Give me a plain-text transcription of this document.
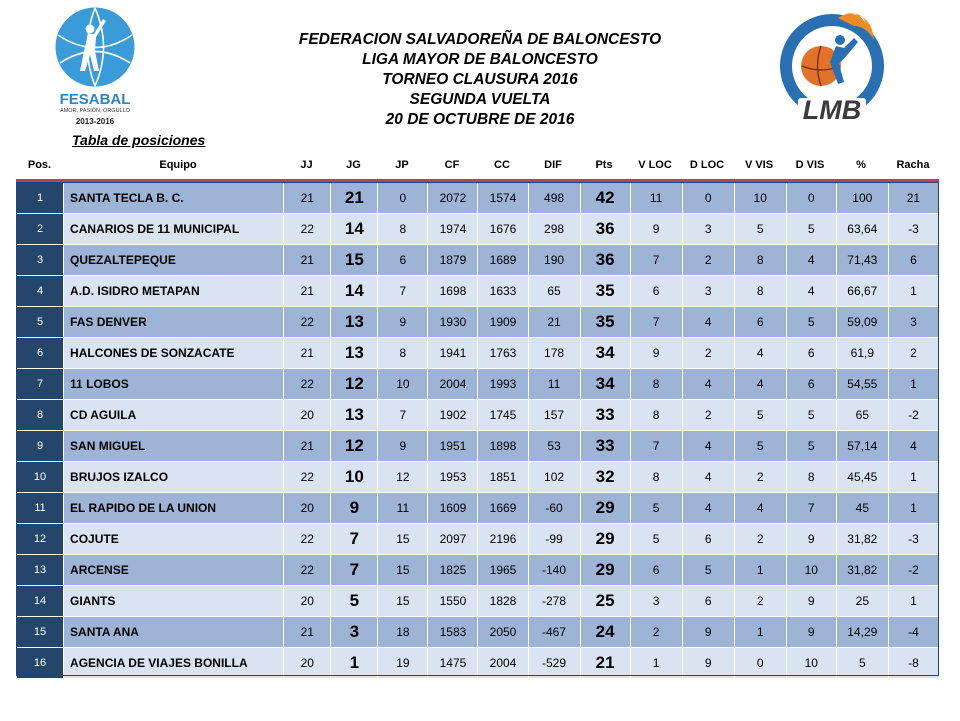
FESABAL
AMOR, PASIÓN, ORGULLO
2013-2016
FEDERACION SALVADOREÑA DE BALONCESTO
LIGA MAYOR DE BALONCESTO
TORNEO CLAUSURA 2016
SEGUNDA VUELTA
20 DE OCTUBRE DE 2016	LMB
Tabla de posiciones
Pos.	Equipo	JJ	JG	JP	CF	CC	DIF	Pts	V LOC	D LOC	V VIS	D VIS	%	Racha
1	SANTA TECLA B. C.	21	21	0	2072	1574	498	42	11	0	10	0	100	21
2	CANARIOS DE 11 MUNICIPAL	22	14	8	1974	1676	298	36	9	3	5	5	63,64	-3
3	QUEZALTEPEQUE	21	15	6	1879	1689	190	36	7	2	8	4	71,43	6
4	A.D. ISIDRO METAPAN	21	14	7	1698	1633	65	35	6	3	8	4	66,67	1
5	FAS DENVER	22	13	9	1930	1909	21	35	7	4	6	5	59,09	3
6	HALCONES DE SONZACATE	21	13	8	1941	1763	178	34	9	2	4	6	61,9	2
7	11 LOBOS	22	12	10	2004	1993	11	34	8	4	4	6	54,55	1
8	CD AGUILA	20	13	7	1902	1745	157	33	8	2	5	5	65	-2
9	SAN MIGUEL	21	12	9	1951	1898	53	33	7	4	5	5	57,14	4
10	BRUJOS IZALCO	22	10	12	1953	1851	102	32	8	4	2	8	45,45	1
11	EL RAPIDO DE LA UNION	20	9	11	1609	1669	-60	29	5	4	4	7	45	1
12	COJUTE	22	7	15	2097	2196	-99	29	5	6	2	9	31,82	-3
13	ARCENSE	22	7	15	1825	1965	-140	29	6	5	1	10	31,82	-2
14	GIANTS	20	5	15	1550	1828	-278	25	3	6	2	9	25	1
15	SANTA ANA	21	3	18	1583	2050	-467	24	2	9	1	9	14,29	-4
16	AGENCIA DE VIAJES BONILLA	20	1	19	1475	2004	-529	21	1	9	0	10	5	-8
